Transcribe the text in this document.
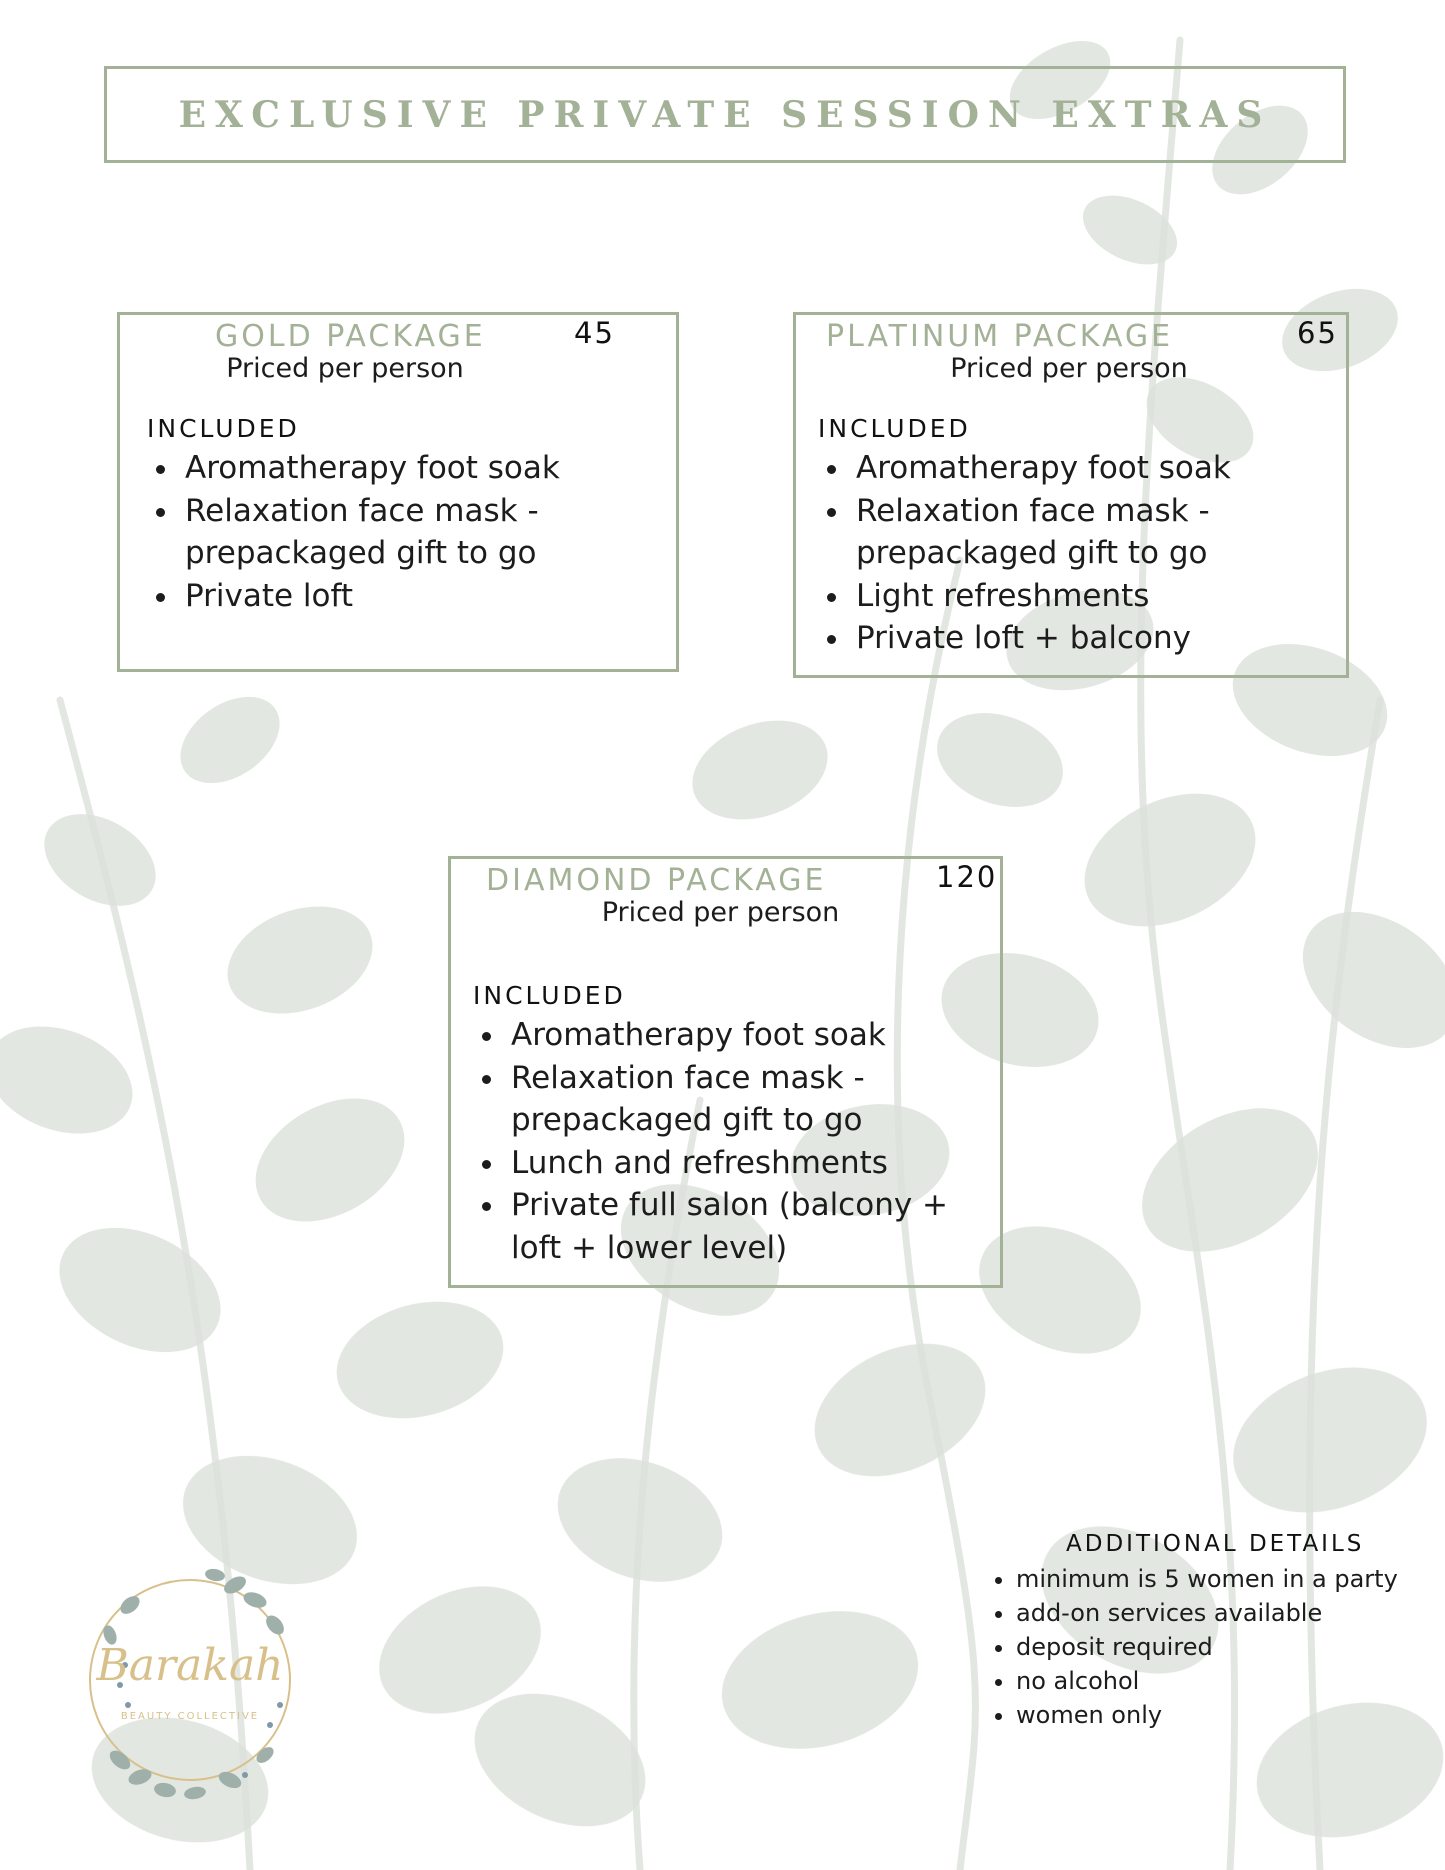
EXCLUSIVE PRIVATE SESSION EXTRAS
GOLD PACKAGE	45
Priced per person
INCLUDED
• Aromatherapy foot soak
• Relaxation face mask - prepackaged gift to go
• Private loft
PLATINUM PACKAGE	65
Priced per person
INCLUDED
• Aromatherapy foot soak
• Relaxation face mask - prepackaged gift to go
• Light refreshments
• Private loft + balcony
DIAMOND PACKAGE	120
Priced per person
INCLUDED
• Aromatherapy foot soak
• Relaxation face mask - prepackaged gift to go
• Lunch and refreshments
• Private full salon (balcony + loft + lower level)
ADDITIONAL DETAILS
• minimum is 5 women in a party
• add-on services available
• deposit required
• no alcohol
• women only
Barakah
BEAUTY COLLECTIVE
